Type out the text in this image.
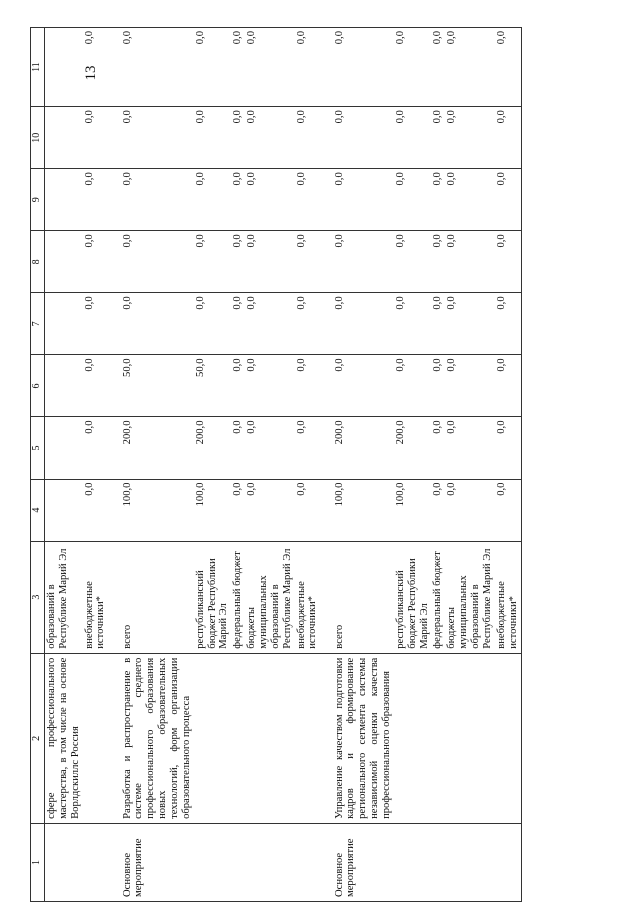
13
1	2	3	4	5	6	7	8	9	10	11
	сфере профессионального мастерства, в том числе на основе Ворлдскиллс Россия	образований в Республике Марий Эл								
		внебюджетные источники*	0,0	0,0	0,0	0,0	0,0	0,0	0,0	0,0
Основное мероприятие	Разработка и распространение в системе среднего профессионального образования новых образовательных технологий, форм организации образовательного процесса	всего	100,0	200,0	50,0	0,0	0,0	0,0	0,0	0,0
		республиканский бюджет Республики Марий Эл	100,0	200,0	50,0	0,0	0,0	0,0	0,0	0,0
		федеральный бюджет	0,0	0,0	0,0	0,0	0,0	0,0	0,0	0,0
		бюджеты муниципальных образований в Республике Марий Эл	0,0	0,0	0,0	0,0	0,0	0,0	0,0	0,0
		внебюджетные источники*	0,0	0,0	0,0	0,0	0,0	0,0	0,0	0,0
Основное мероприятие	Управление качеством подготовки кадров и формирование регионального сегмента системы независимой оценки качества профессионального образования	всего	100,0	200,0	0,0	0,0	0,0	0,0	0,0	0,0
		республиканский бюджет Республики Марий Эл	100,0	200,0	0,0	0,0	0,0	0,0	0,0	0,0
		федеральный бюджет	0,0	0,0	0,0	0,0	0,0	0,0	0,0	0,0
		бюджеты муниципальных образований в Республике Марий Эл	0,0	0,0	0,0	0,0	0,0	0,0	0,0	0,0
		внебюджетные источники*	0,0	0,0	0,0	0,0	0,0	0,0	0,0	0,0
